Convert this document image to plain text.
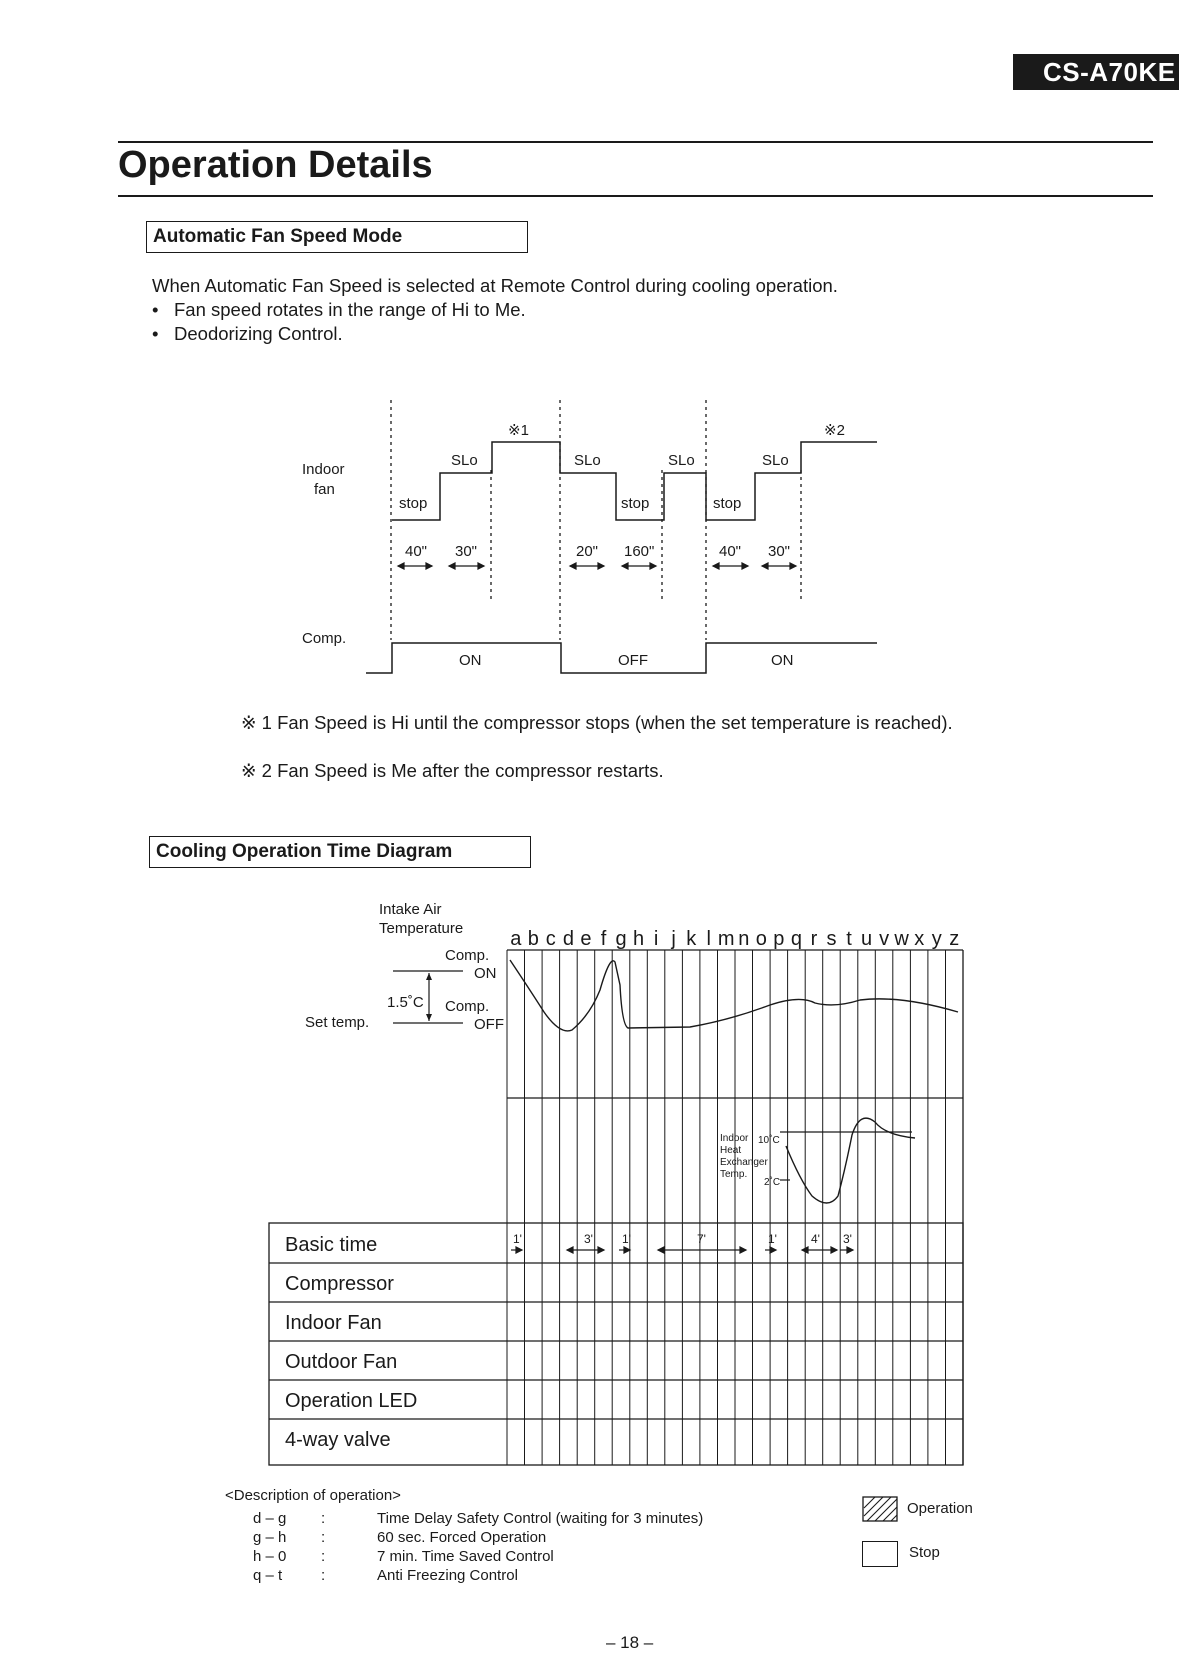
CS-A70KE
Operation Details
Automatic Fan Speed Mode
When Automatic Fan Speed is selected at Remote Control during cooling operation.
• Fan speed rotates in the range of Hi to Me.
• Deodorizing Control.
Indoor
fan
Comp.
※1	※2
SLo	SLo	SLo	SLo
stop	stop	stop
40" 30"	20" 160"	40" 30"
ON	OFF	ON
※ 1 Fan Speed is Hi until the compressor stops (when the set temperature is reached).
※ 2 Fan Speed is Me after the compressor restarts.
Cooling Operation Time Diagram
a b c d e f g h i j k l m n o p q r s t u v w x y z
Intake Air
Temperature
Comp.
ON
1.5˚C Comp.
OFF
Set temp.
Indoor
Heat
Exchanger
Temp.
10˚C
2˚C
1'	3' 1'	7'	1'	4' 3'
Basic time
Compressor
Indoor Fan
Outdoor Fan
Operation LED
4-way valve
<Description of operation>
d – g :	Time Delay Safety Control (waiting for 3 minutes)
g – h :	60 sec. Forced Operation
h – 0 :	7 min. Time Saved Control
q – t	:	Anti Freezing Control
Operation
Stop
– 18 –
